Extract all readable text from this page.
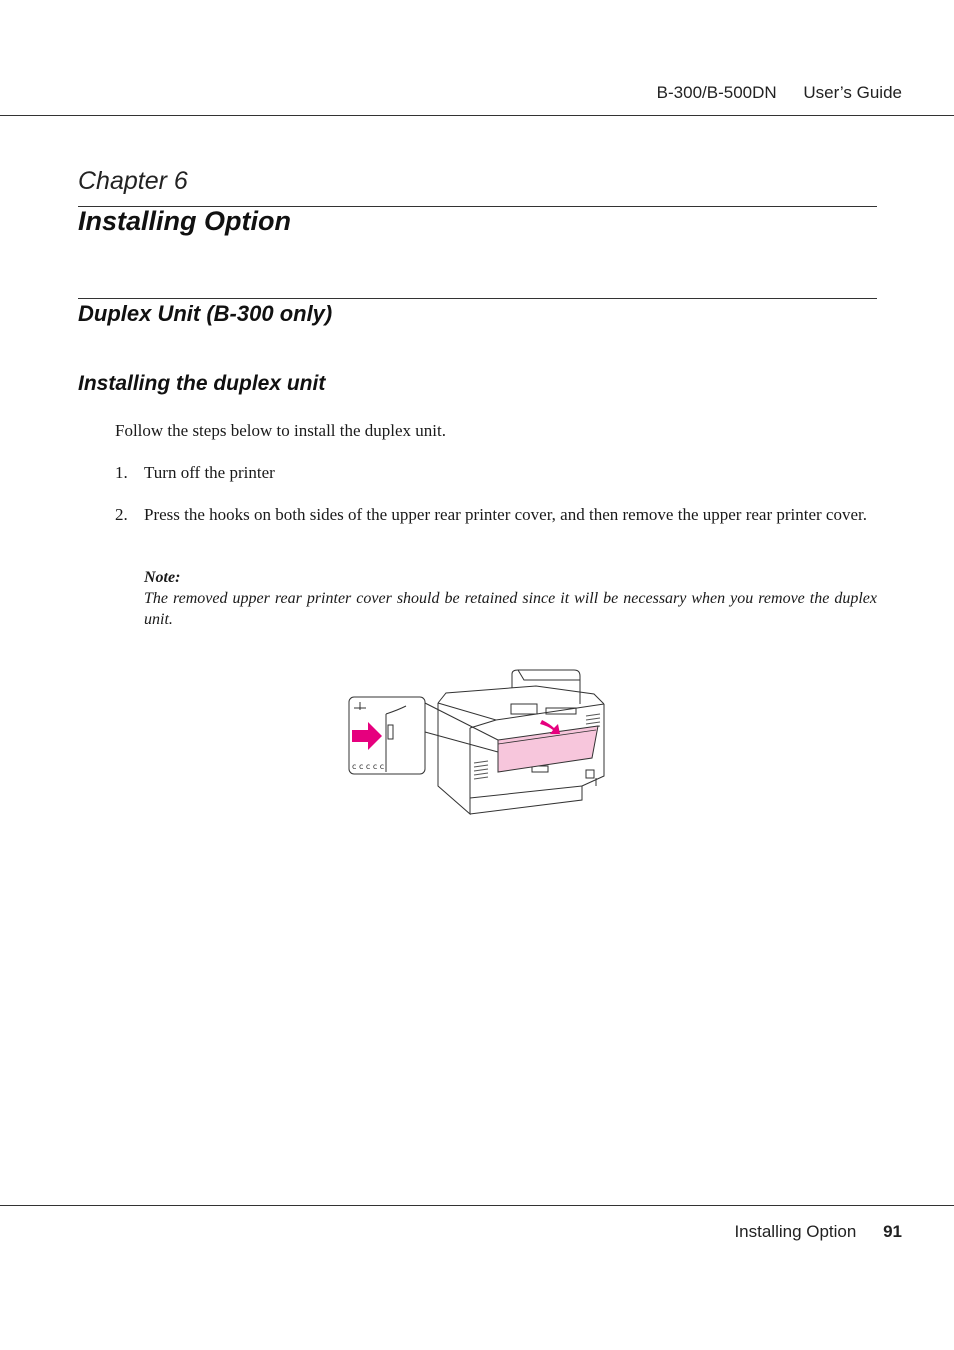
B-300/B-500DN User’s Guide
Chapter 6
Installing Option
Duplex Unit (B-300 only)
Installing the duplex unit
Follow the steps below to install the duplex unit.
1. Turn off the printer
2. Press the hooks on both sides of the upper rear printer cover, and then remove the upper rear printer cover.
Note:
The removed upper rear printer cover should be retained since it will be necessary when you remove the duplex unit.
c c c c c
Installing Option 91
